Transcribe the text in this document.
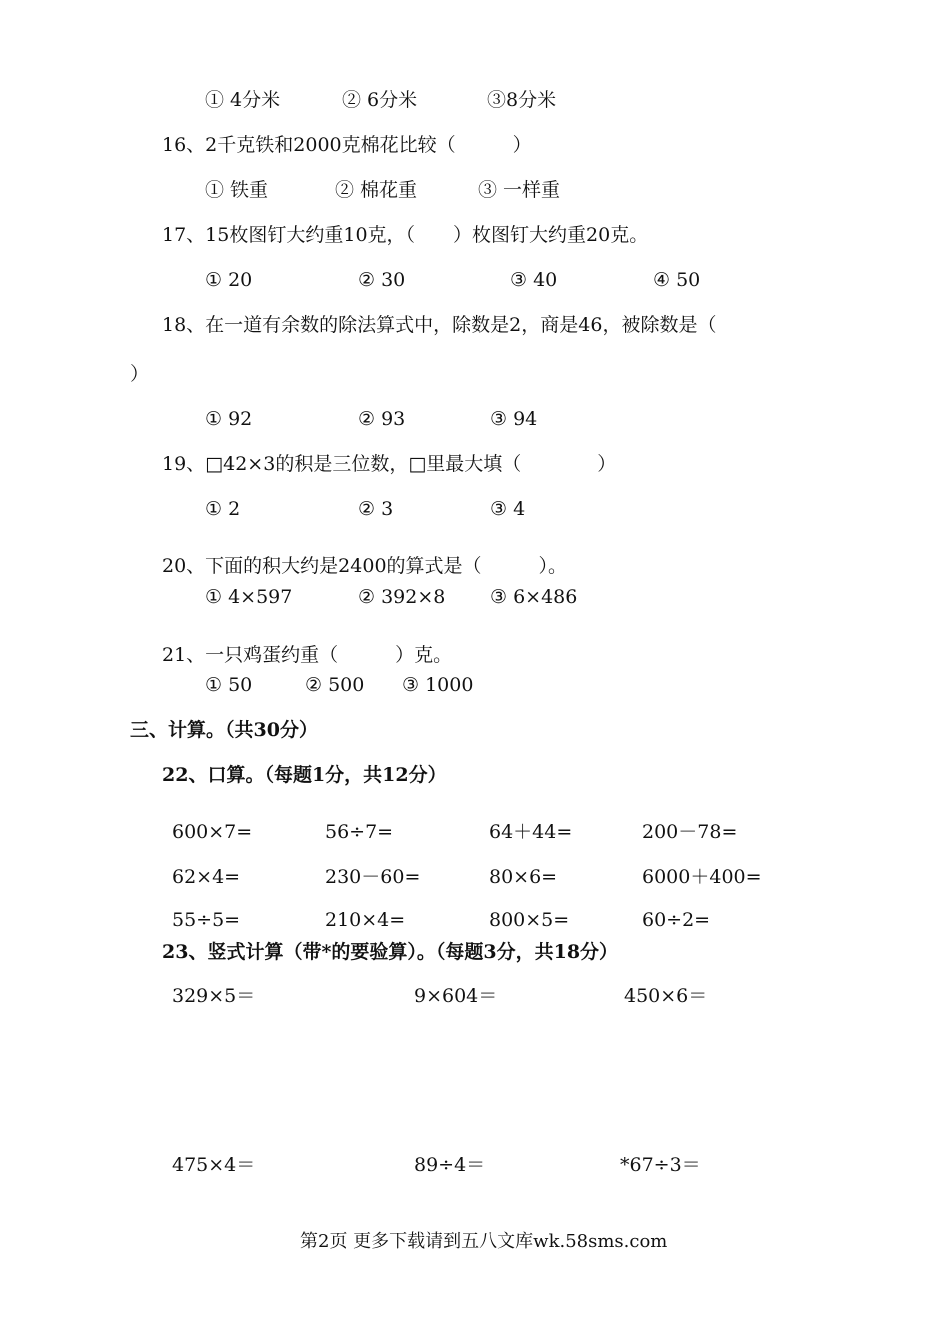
① 4分米	② 6分米	③8分米
16、2千克铁和2000克棉花比较（　　　）
① 铁重	② 棉花重	③ 一样重
17、15枚图钉大约重10克，（　　）枚图钉大约重20克。
① 20	② 30	③ 40	④ 50
18、在一道有余数的除法算式中，除数是2，商是46，被除数是（
）
① 92	② 93	③ 94
19、□42×3的积是三位数，□里最大填（　　　　）
① 2	② 3	③ 4
20、下面的积大约是2400的算式是（　　　）。
① 4×597	② 392×8 ③ 6×486
21、一只鸡蛋约重（　　　）克。
① 50	② 500 ③ 1000
三、计算。（共30分）
22、口算。（每题1分，共12分）
600×7=	56÷7=	64＋44=	200－78=
62×4=	230－60=	80×6=	6000＋400=
55÷5=	210×4=	800×5=	60÷2=
23、竖式计算（带*的要验算）。（每题3分，共18分）
329×5＝	9×604＝	450×6＝
475×4＝	89÷4＝	*67÷3＝
第2页 更多下载请到五八文库wk.58sms.com
